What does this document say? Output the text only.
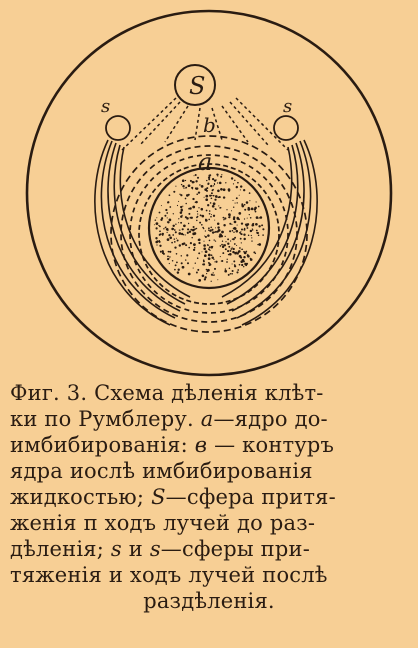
S
s	s
b
a
Фиг. 3. Схема дѣленія клѣт-
ки по Румблеру. a—ядро до-
имбибированія: в — контуръ
ядра иослѣ имбибированія
жидкостью; S—сфера притя-
женія п ходъ лучей до раз-
дѣленія; s и s—сферы при-
тяженія и ходъ лучей послѣ
раздѣленія.
